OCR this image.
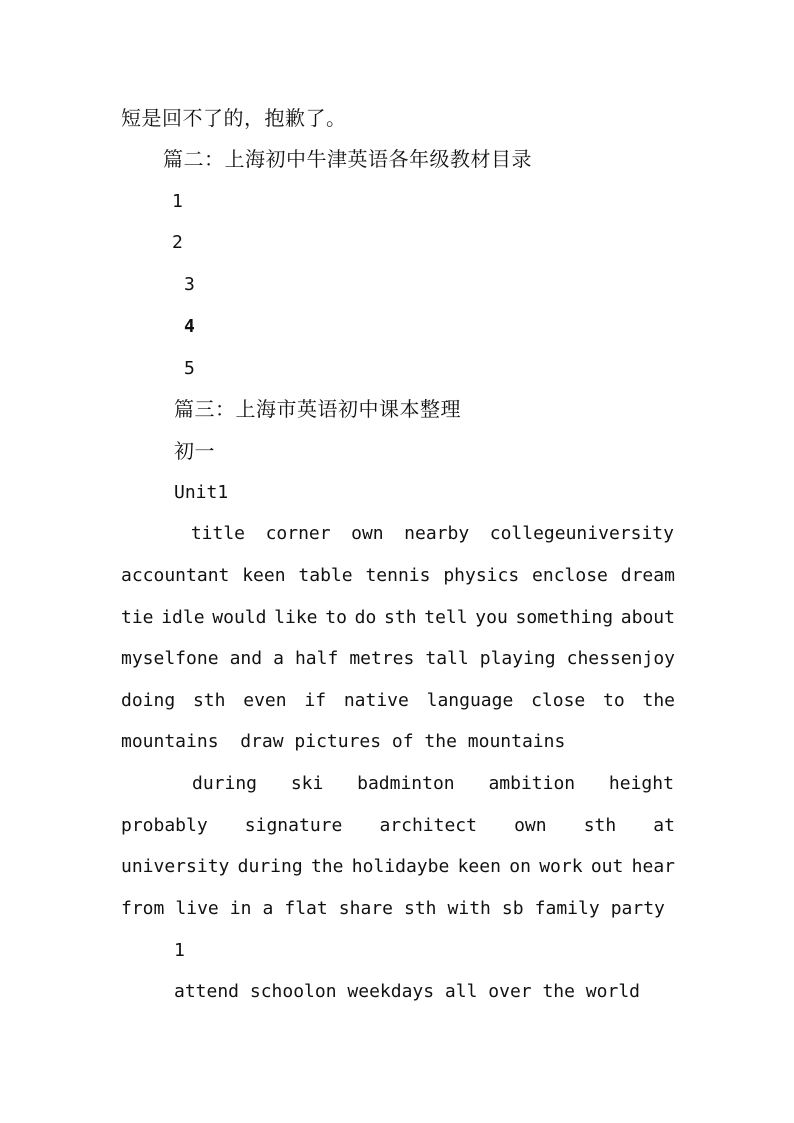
短是回不了的，抱歉了。
篇二：上海初中牛津英语各年级教材目录
1
2
3
4
5
篇三：上海市英语初中课本整理
初一
Unit1
title corner own nearby collegeuniversity
accountant keen table tennis physics enclose dream
tie idle would like to do sth tell you something about
myselfone and a half metres tall playing chessenjoy
doing sth even if native language close to the
mountains  draw pictures of the mountains
during ski badminton ambition height
probably signature architect own sth at
university during the holidaybe keen on work out hear
from live in a flat share sth with sb family party
1
attend schoolon weekdays all over the world
